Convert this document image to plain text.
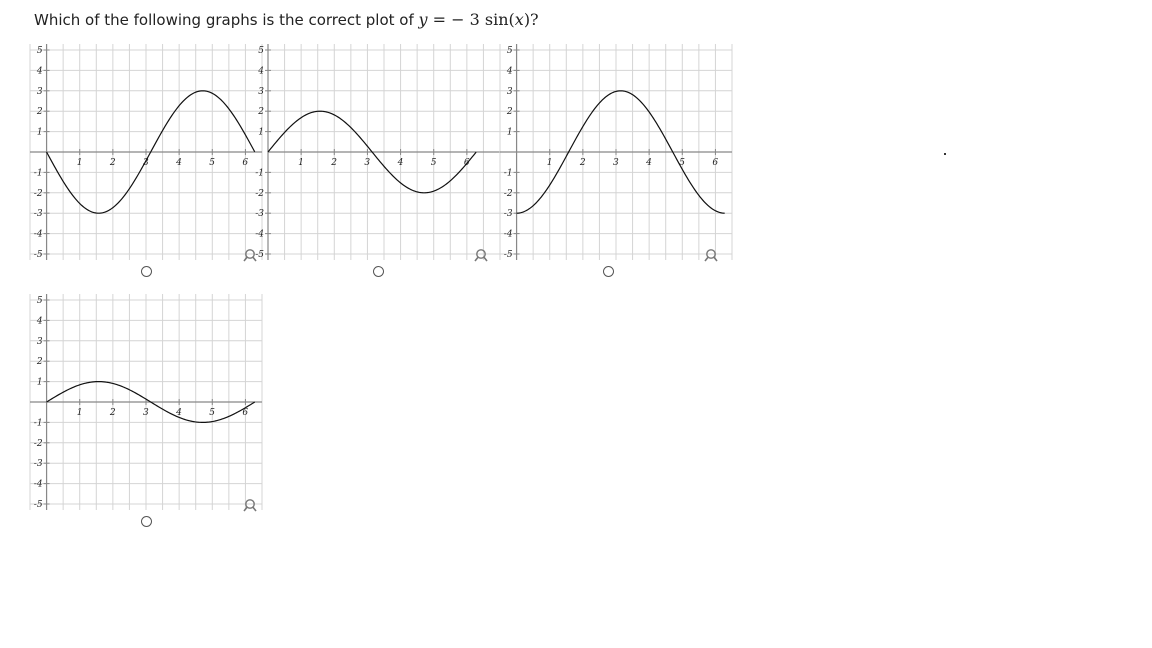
Which of the following graphs is the correct plot of y = − 3 sin(x)?
1	2	3	4	5	6
5
4
3
2
1
-1
-2
-3
-4
-5
1	2	3	4	5	6
5
4
3
2
1
-1
-2
-3
-4
-5
1	2	3	4	5	6
5
4
3
2
1
-1
-2
-3
-4
-5
1	2	3	4	5	6
5
4
3
2
1
-1
-2
-3
-4
-5
